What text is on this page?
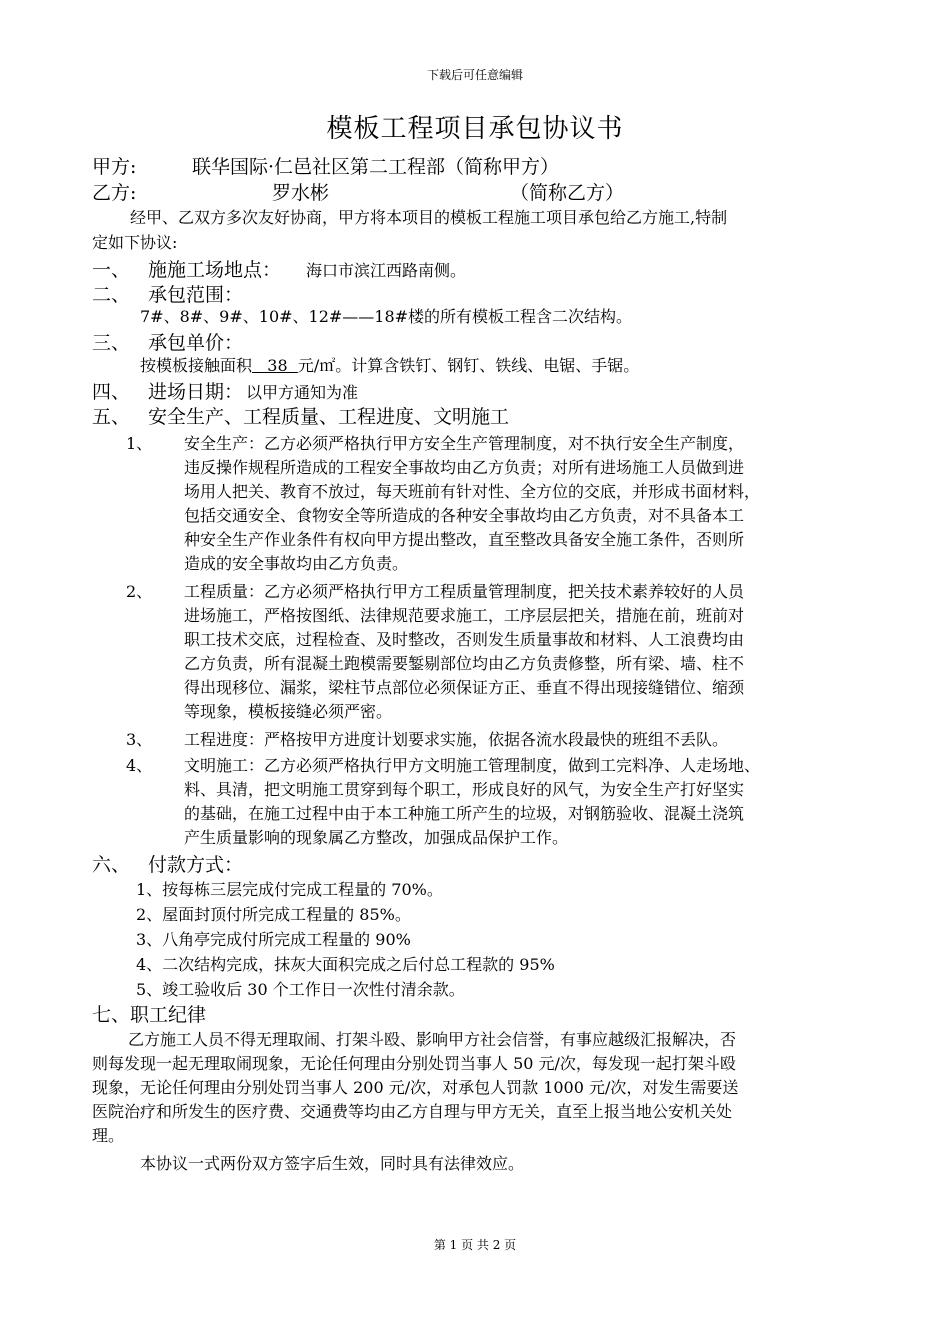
下载后可任意编辑
模板工程项目承包协议书
甲方:	联华国际·仁邑社区第二工程部（简称甲方）
乙方:	罗水彬	（简称乙方）
经甲、乙双方多次友好协商，甲方将本项目的模板工程施工项目承包给乙方施工,特制
定如下协议:
一、 施施工场地点： 海口市滨江西路南侧。
二、 承包范围：
7#、8#、9#、10#、12#——18#楼的所有模板工程含二次结构。
三、 承包单价：
按模板接触面积   38  元/㎡。计算含铁钉、钢钉、铁线、电锯、手锯。
四、 进场日期： 以甲方通知为准
五、 安全生产、工程质量、工程进度、文明施工
1、 安全生产：乙方必须严格执行甲方安全生产管理制度，对不执行安全生产制度，
违反操作规程所造成的工程安全事故均由乙方负责；对所有进场施工人员做到进
场用人把关、教育不放过，每天班前有针对性、全方位的交底，并形成书面材料，
包括交通安全、食物安全等所造成的各种安全事故均由乙方负责，对不具备本工
种安全生产作业条件有权向甲方提出整改，直至整改具备安全施工条件，否则所
造成的安全事故均由乙方负责。
2、 工程质量：乙方必须严格执行甲方工程质量管理制度，把关技术素养较好的人员
进场施工，严格按图纸、法律规范要求施工，工序层层把关，措施在前，班前对
职工技术交底，过程检查、及时整改，否则发生质量事故和材料、人工浪费均由
乙方负责，所有混凝土跑模需要錾剔部位均由乙方负责修整，所有梁、墙、柱不
得出现移位、漏浆，梁柱节点部位必须保证方正、垂直不得出现接缝错位、缩颈
等现象，模板接缝必须严密。
3、 工程进度：严格按甲方进度计划要求实施，依据各流水段最快的班组不丢队。
4、 文明施工：乙方必须严格执行甲方文明施工管理制度，做到工完料净、人走场地、
料、具清，把文明施工贯穿到每个职工，形成良好的风气，为安全生产打好坚实
的基础，在施工过程中由于本工种施工所产生的垃圾，对钢筋验收、混凝土浇筑
产生质量影响的现象属乙方整改，加强成品保护工作。
六、 付款方式：
1、按每栋三层完成付完成工程量的 70%。
2、屋面封顶付所完成工程量的 85%。
3、八角亭完成付所完成工程量的 90%
4、二次结构完成，抹灰大面积完成之后付总工程款的 95%
5、竣工验收后 30 个工作日一次性付清余款。
七、职工纪律
乙方施工人员不得无理取闹、打架斗殴、影响甲方社会信誉，有事应越级汇报解决，否
则每发现一起无理取闹现象，无论任何理由分别处罚当事人 50 元/次，每发现一起打架斗殴
现象，无论任何理由分别处罚当事人 200 元/次，对承包人罚款 1000 元/次，对发生需要送
医院治疗和所发生的医疗费、交通费等均由乙方自理与甲方无关，直至上报当地公安机关处
理。
本协议一式两份双方签字后生效，同时具有法律效应。
第 1 页 共 2 页
